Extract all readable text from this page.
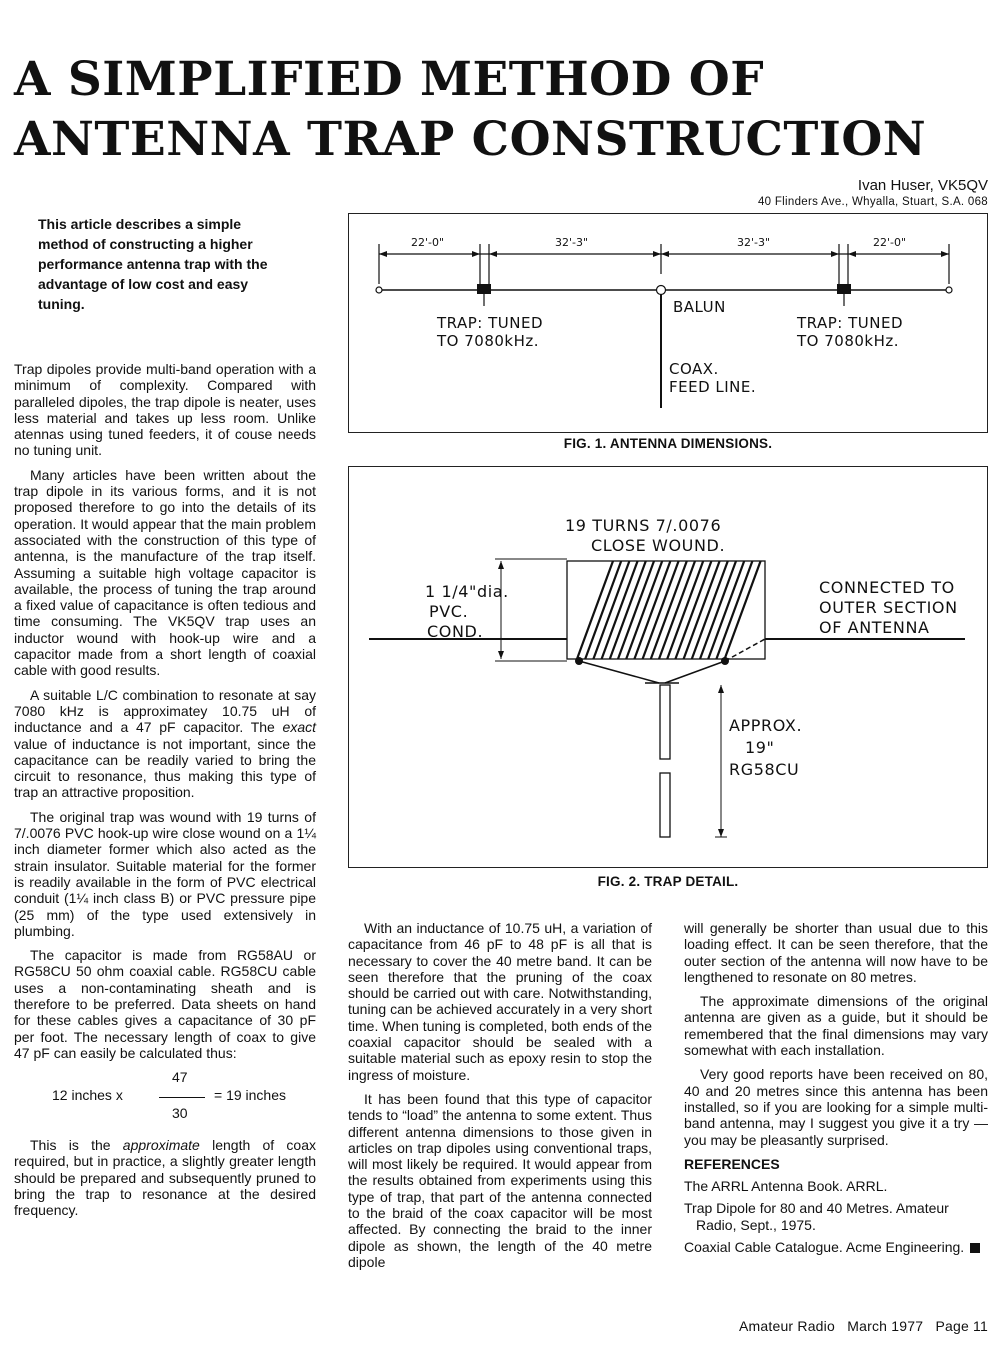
A SIMPLIFIED METHOD OF
ANTENNA TRAP CONSTRUCTION
Ivan Huser, VK5QV
40 Flinders Ave., Whyalla, Stuart, S.A. 068
This article describes a simple method of constructing a higher performance antenna trap with the advantage of low cost and easy tuning.

Trap dipoles provide multi-band operation with a minimum of complexity. Compared with paralleled dipoles, the trap dipole is neater, uses less material and takes up less room. Unlike atennas using tuned feeders, it of couse needs no tuning unit.

Many articles have been written about the trap dipole in its various forms, and it is not proposed therefore to go into the details of its operation. It would appear that the main problem associated with the construction of this type of antenna, is the manufacture of the trap itself. Assuming a suitable high voltage capacitor is available, the process of tuning the trap around a fixed value of capacitance is often tedious and time consuming. The VK5QV trap uses an inductor wound with hook-up wire and a capacitor made from a short length of coaxial cable with good results.

A suitable L/C combination to resonate at say 7080 kHz is approximatey 10.75 uH of inductance and a 47 pF capacitor. The exact value of inductance is not important, since the capacitance can be readily varied to bring the circuit to resonance, thus making this type of trap an attractive proposition.

The original trap was wound with 19 turns of 7/.0076 PVC hook-up wire close wound on a 1¼ inch diameter former which also acted as the strain insulator. Suitable material for the former is readily available in the form of PVC electrical conduit (1¼ inch class B) or PVC pressure pipe (25 mm) of the type used extensively in plumbing.

The capacitor is made from RG58AU or RG58CU 50 ohm coaxial cable. RG58CU cable uses a non-contaminating sheath and is therefore to be preferred. Data sheets on hand for these cables gives a capacitance of 30 pF per foot. The necessary length of coax to give 47 pF can easily be calculated thus:

12 inches x
47
30
= 19 inches

This is the approximate length of coax required, but in practice, a slightly greater length should be prepared and subsequently pruned to bring the trap to resonance at the desired frequency.

22'-0"	32'-3"	32'-3"	22'-0"
BALUN
TRAP: TUNED
TO 7080kHz.
TRAP: TUNED
TO 7080kHz.
COAX.
FEED LINE.
FIG. 1. ANTENNA DIMENSIONS.
19 TURNS 7/.0076
CLOSE WOUND.
1 1/4"dia.
PVC.
COND.
CONNECTED TO
OUTER SECTION
OF ANTENNA
APPROX.
19"
RG58CU
FIG. 2. TRAP DETAIL.

With an inductance of 10.75 uH, a variation of capacitance from 46 pF to 48 pF is all that is necessary to cover the 40 metre band. It can be seen therefore that the pruning of the coax should be carried out with care. Notwithstanding, tuning can be achieved accurately in a very short time. When tuning is completed, both ends of the coaxial capacitor should be sealed with a suitable material such as epoxy resin to stop the ingress of moisture.

It has been found that this type of capacitor tends to “load” the antenna to some extent. Thus different antenna dimensions to those given in articles on trap dipoles using conventional traps, will most likely be required. It would appear from the results obtained from experiments using this type of trap, that part of the antenna connected to the braid of the coax capacitor will be most affected. By connecting the braid to the inner dipole as shown, the length of the 40 metre dipole

will generally be shorter than usual due to this loading effect. It can be seen therefore, that the outer section of the antenna will now have to be lengthened to resonate on 80 metres.

The approximate dimensions of the original antenna are given as a guide, but it should be remembered that the final dimensions may vary somewhat with each installation.

Very good reports have been received on 80, 40 and 20 metres since this antenna has been installed, so if you are looking for a simple multi-band antenna, may I suggest you give it a try — you may be pleasantly surprised.

REFERENCES

The ARRL Antenna Book. ARRL.

Trap Dipole for 80 and 40 Metres. Amateur Radio, Sept., 1975.

Coaxial Cable Catalogue. Acme Engineering.

Amateur Radio March 1977 Page 11
